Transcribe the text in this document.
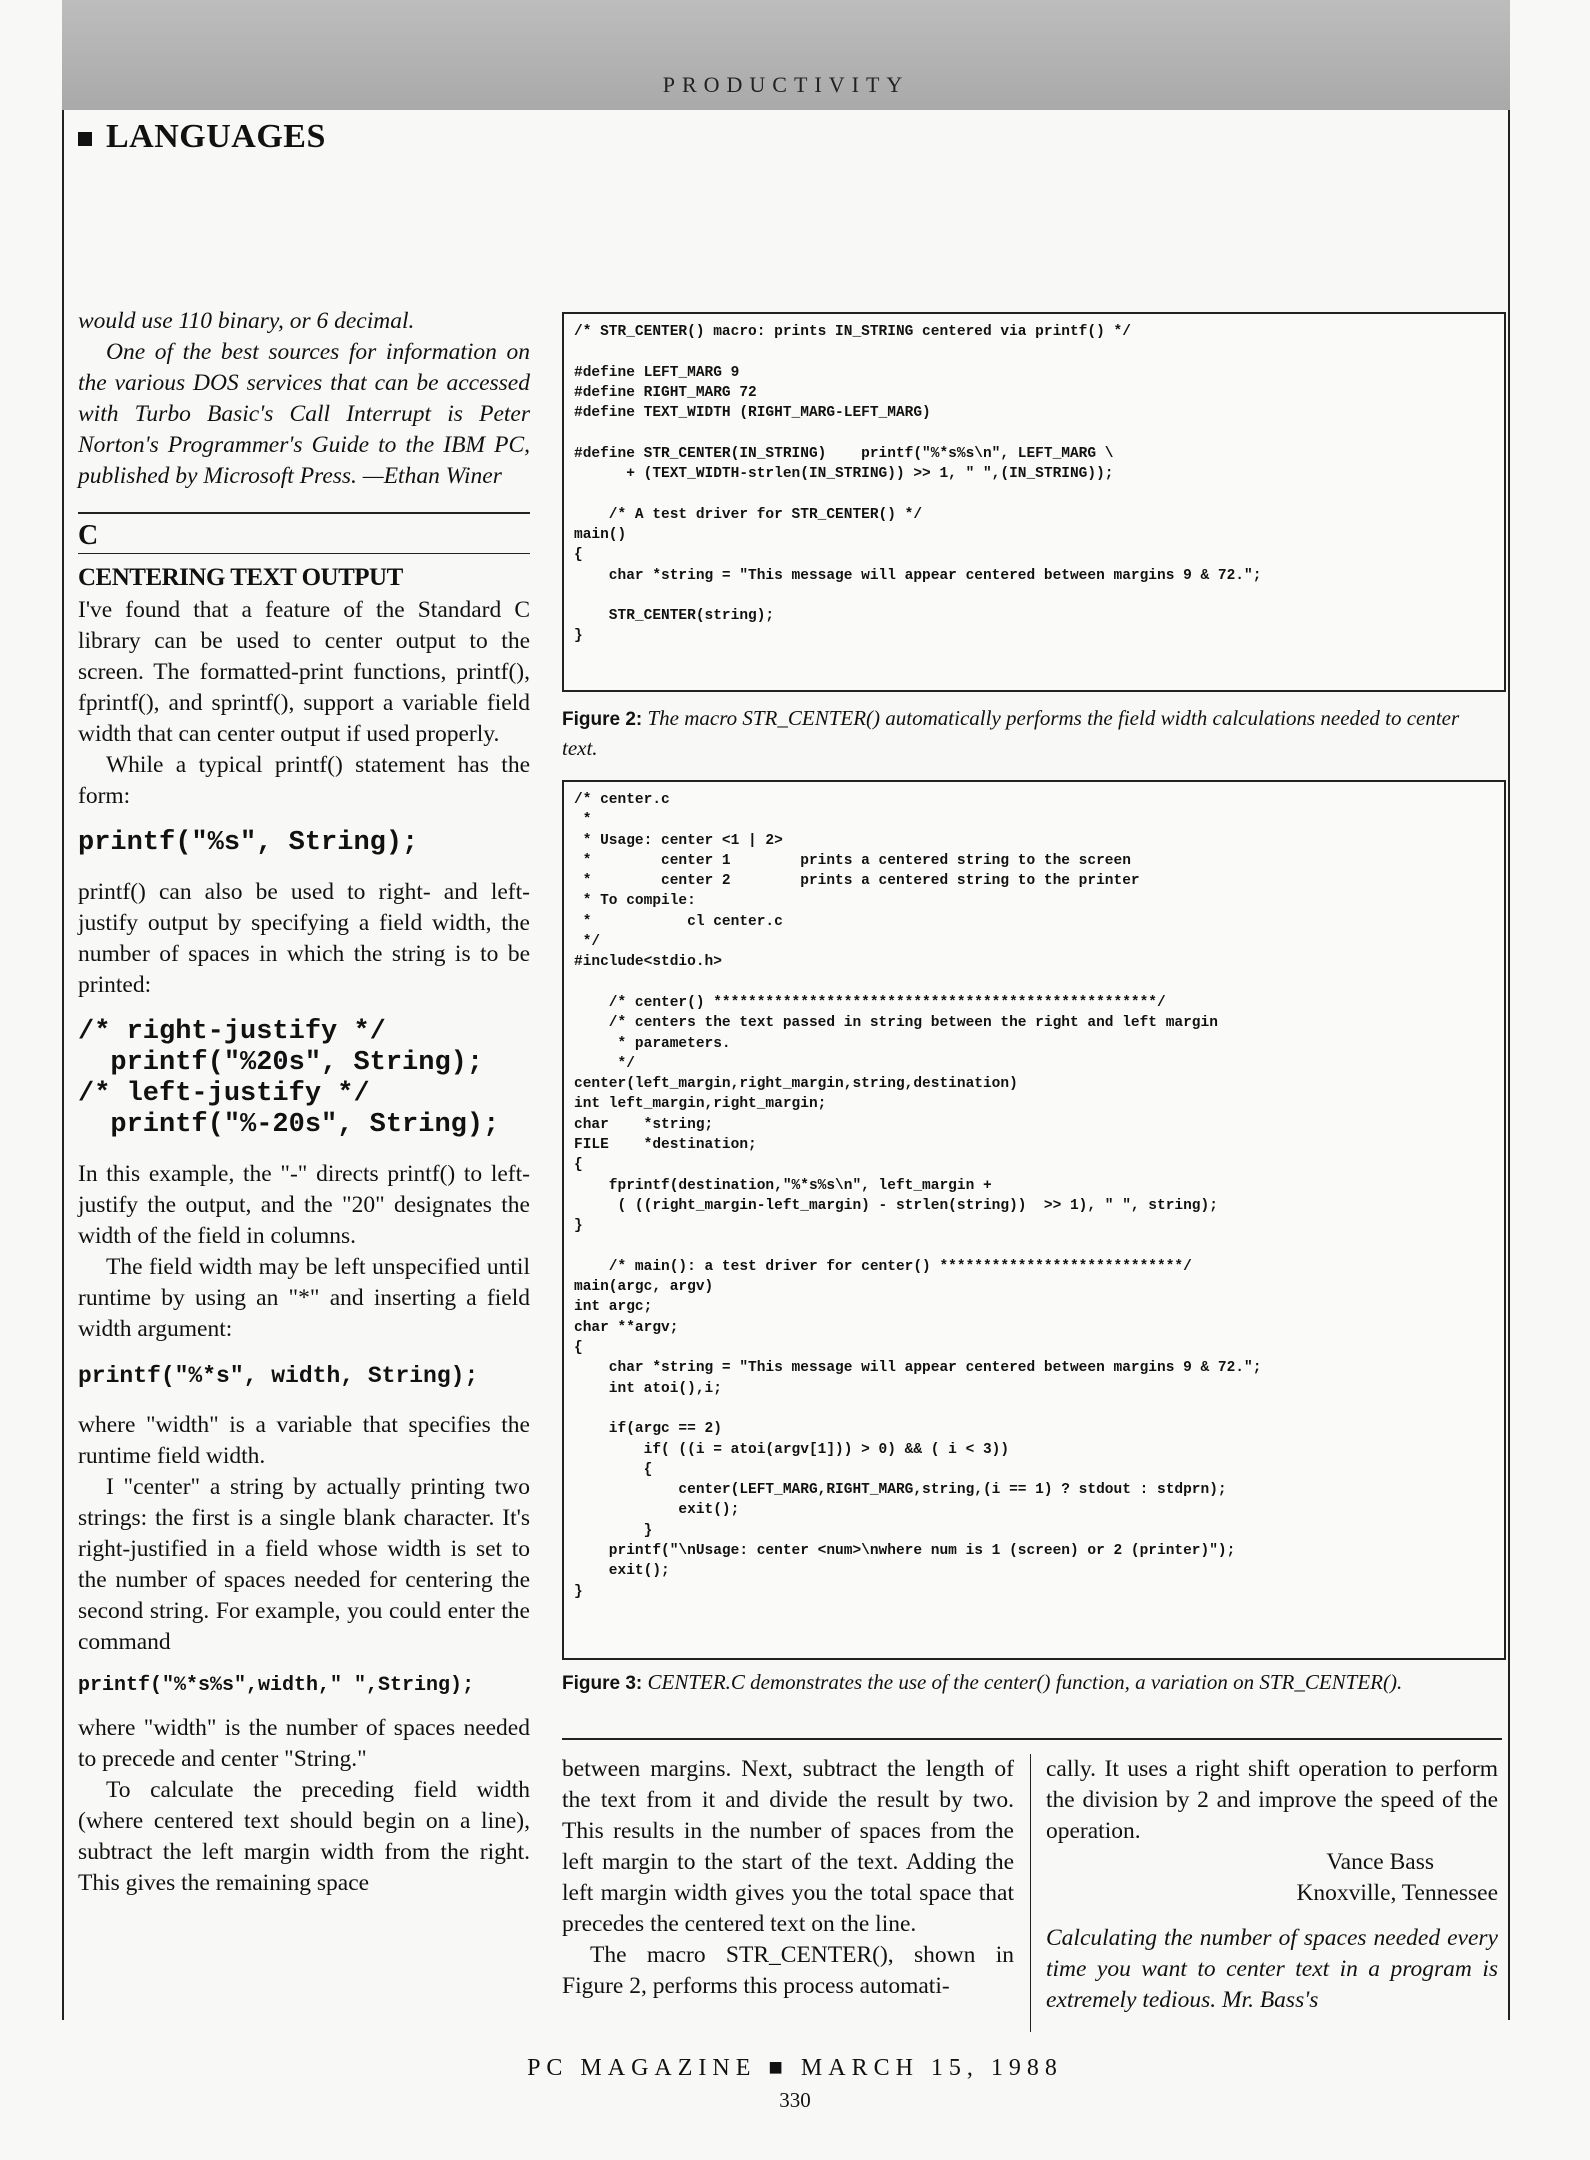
PRODUCTIVITY
LANGUAGES

would use 110 binary, or 6 decimal.

One of the best sources for information on the various DOS services that can be accessed with Turbo Basic's Call Interrupt is Peter Norton's Programmer's Guide to the IBM PC, published by Microsoft Press. —Ethan Winer

C
CENTERING TEXT OUTPUT

I've found that a feature of the Standard C library can be used to center output to the screen. The formatted-print functions, printf(), fprintf(), and sprintf(), support a variable field width that can center output if used properly.

While a typical printf() statement has the form:

printf("%s", String);

printf() can also be used to right- and left-justify output by specifying a field width, the number of spaces in which the string is to be printed:

/* right-justify */
printf("%20s", String);
/* left-justify */
printf("%-20s", String);

In this example, the "-" directs printf() to left-justify the output, and the "20" designates the width of the field in columns.

The field width may be left unspecified until runtime by using an "*" and inserting a field width argument:

printf("%*s", width, String);

where "width" is a variable that specifies the runtime field width.

I "center" a string by actually printing two strings: the first is a single blank character. It's right-justified in a field whose width is set to the number of spaces needed for centering the second string. For example, you could enter the command

printf("%*s%s",width," ",String);

where "width" is the number of spaces needed to precede and center "String."

To calculate the preceding field width (where centered text should begin on a line), subtract the left margin width from the right. This gives the remaining space

/* STR_CENTER() macro: prints IN_STRING centered via printf() */

#define LEFT_MARG 9
#define RIGHT_MARG 72
#define TEXT_WIDTH (RIGHT_MARG-LEFT_MARG)

#define STR_CENTER(IN_STRING)    printf("%*s%s\n", LEFT_MARG \
+ (TEXT_WIDTH-strlen(IN_STRING)) >> 1, " ",(IN_STRING));

/* A test driver for STR_CENTER() */
main()
{
char *string = "This message will appear centered between margins 9 & 72.";

STR_CENTER(string);
}
Figure 2: The macro STR_CENTER() automatically performs the field width calculations needed to center text.
/* center.c
*
* Usage: center <1 | 2>
*        center 1        prints a centered string to the screen
*        center 2        prints a centered string to the printer
* To compile:
*           cl center.c
*/
#include<stdio.h>

/* center() ***************************************************/
/* centers the text passed in string between the right and left margin
* parameters.
*/
center(left_margin,right_margin,string,destination)
int left_margin,right_margin;
char    *string;
FILE    *destination;
{
fprintf(destination,"%*s%s\n", left_margin +
( ((right_margin-left_margin) - strlen(string))  >> 1), " ", string);
}

/* main(): a test driver for center() ****************************/
main(argc, argv)
int argc;
char **argv;
{
char *string = "This message will appear centered between margins 9 & 72.";
int atoi(),i;

if(argc == 2)
if( ((i = atoi(argv[1])) > 0) && ( i < 3))
{
center(LEFT_MARG,RIGHT_MARG,string,(i == 1) ? stdout : stdprn);
exit();
}
printf("\nUsage: center <num>\nwhere num is 1 (screen) or 2 (printer)");
exit();
}
Figure 3: CENTER.C demonstrates the use of the center() function, a variation on STR_CENTER().

between margins. Next, subtract the length of the text from it and divide the result by two. This results in the number of spaces from the left margin to the start of the text. Adding the left margin width gives you the total space that precedes the centered text on the line.

The macro STR_CENTER(), shown in Figure 2, performs this process automati-

cally. It uses a right shift operation to perform the division by 2 and improve the speed of the operation.

Vance Bass
Knoxville, Tennessee

Calculating the number of spaces needed every time you want to center text in a program is extremely tedious. Mr. Bass's

PC MAGAZINE ■ MARCH 15, 1988
330
